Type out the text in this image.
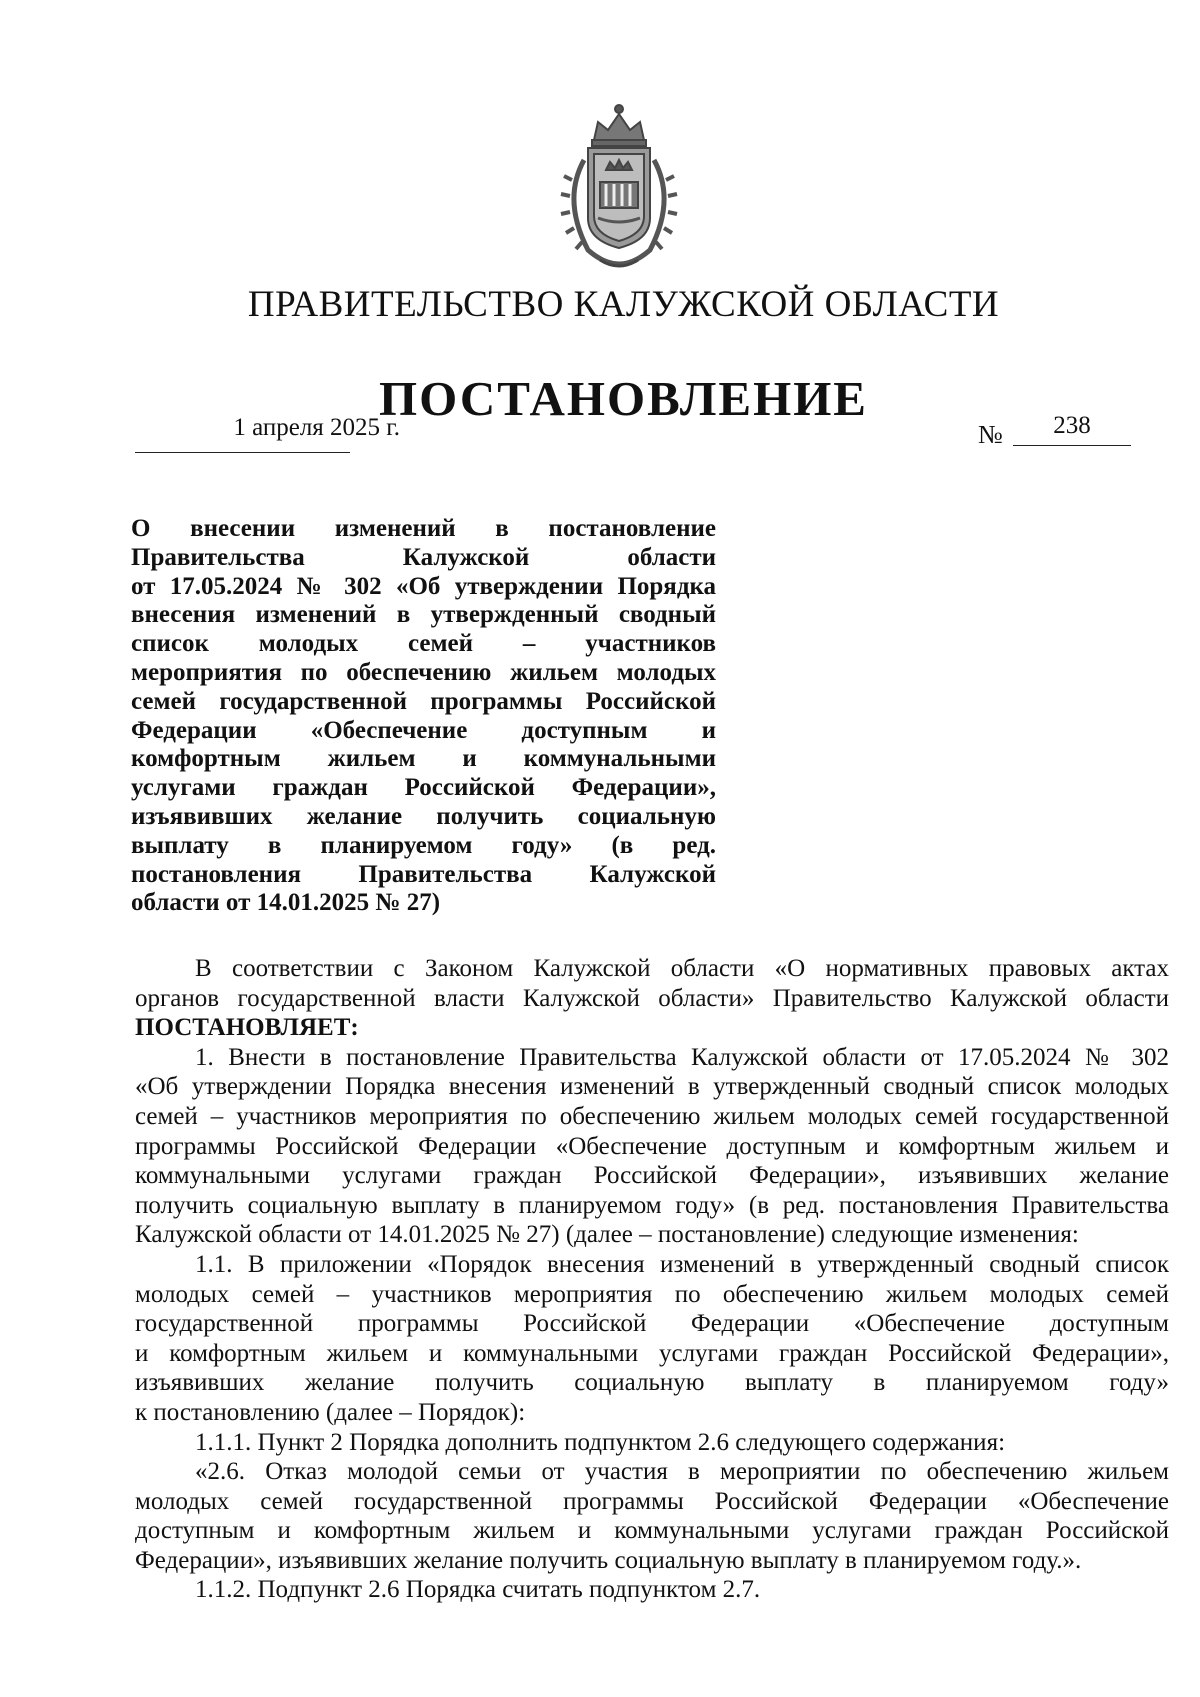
ПРАВИТЕЛЬСТВО КАЛУЖСКОЙ ОБЛАСТИ
ПОСТАНОВЛЕНИЕ
1 апреля 2025 г.	№	238
О внесении изменений в постановление
Правительства Калужской области
от 17.05.2024 № 302 «Об утверждении Порядка
внесения изменений в утвержденный сводный
список молодых семей – участников
мероприятия по обеспечению жильем молодых
семей государственной программы Российской
Федерации «Обеспечение доступным и
комфортным жильем и коммунальными
услугами граждан Российской Федерации»,
изъявивших желание получить социальную
выплату в планируемом году» (в ред.
постановления Правительства Калужской
области от 14.01.2025 № 27)
В соответствии с Законом Калужской области «О нормативных правовых актах
органов государственной власти Калужской области» Правительство Калужской области
ПОСТАНОВЛЯЕТ:
1. Внести в постановление Правительства Калужской области от 17.05.2024 № 302
«Об утверждении Порядка внесения изменений в утвержденный сводный список молодых
семей – участников мероприятия по обеспечению жильем молодых семей государственной
программы Российской Федерации «Обеспечение доступным и комфортным жильем и
коммунальными услугами граждан Российской Федерации», изъявивших желание
получить социальную выплату в планируемом году» (в ред. постановления Правительства
Калужской области от 14.01.2025 № 27) (далее – постановление) следующие изменения:
1.1. В приложении «Порядок внесения изменений в утвержденный сводный список
молодых семей – участников мероприятия по обеспечению жильем молодых семей
государственной программы Российской Федерации «Обеспечение доступным
и комфортным жильем и коммунальными услугами граждан Российской Федерации»,
изъявивших желание получить социальную выплату в планируемом году»
к постановлению (далее – Порядок):
1.1.1. Пункт 2 Порядка дополнить подпунктом 2.6 следующего содержания:
«2.6. Отказ молодой семьи от участия в мероприятии по обеспечению жильем
молодых семей государственной программы Российской Федерации «Обеспечение
доступным и комфортным жильем и коммунальными услугами граждан Российской
Федерации», изъявивших желание получить социальную выплату в планируемом году.».
1.1.2. Подпункт 2.6 Порядка считать подпунктом 2.7.
